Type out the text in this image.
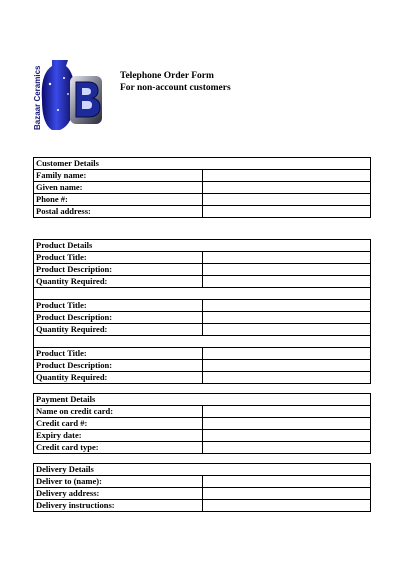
Bazaar Ceramics	Telephone Order Form
For non-account customers
Customer Details	
Family name:	
Given name:	
Phone #:	
Postal address:	
Product Details	
Product Title:	
Product Description:	
Quantity Required:	

Product Title:	
Product Description:	
Quantity Required:	

Product Title:	
Product Description:	
Quantity Required:	
Payment Details	
Name on credit card:	
Credit card #:	
Expiry date:	
Credit card type:	
Delivery Details	
Deliver to (name):	
Delivery address:	
Delivery instructions:	
